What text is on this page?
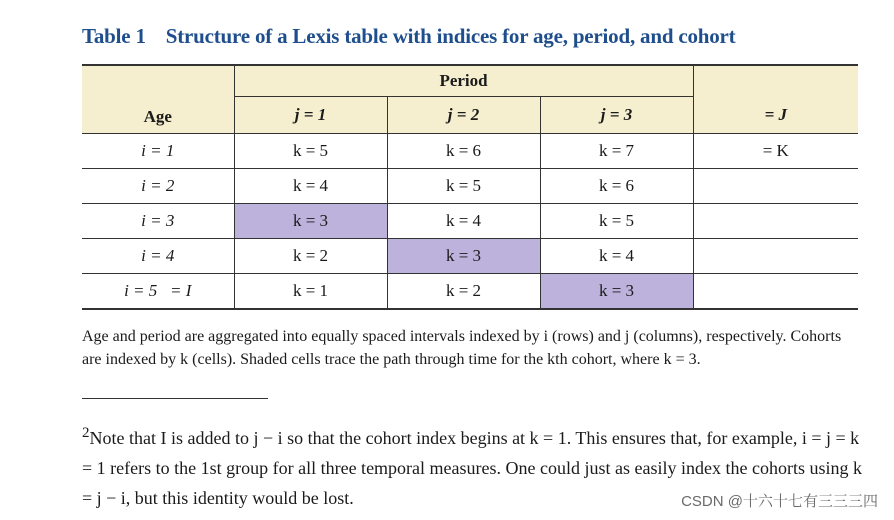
Table 1 Structure of a Lexis table with indices for age, period, and cohort
Age	Period			
	j = 1	j = 2	j = 3	= J
i = 1	k = 5	k = 6	k = 7	= K
i = 2	k = 4	k = 5	k = 6	
i = 3	k = 3	k = 4	k = 5	
i = 4	k = 2	k = 3	k = 4	
i = 5   = I	k = 1	k = 2	k = 3	
Age and period are aggregated into equally spaced intervals indexed by i (rows) and j (columns), respectively. Cohorts are indexed by k (cells). Shaded cells trace the path through time for the kth cohort, where k = 3.
$^2$Note that I is added to j − i so that the cohort index begins at k = 1. This ensures that, for example, i = j = k = 1 refers to the 1st group for all three temporal measures. One could just as easily index the cohorts using k = j − i, but this identity would be lost.	CSDN @十六十七有三三三四
